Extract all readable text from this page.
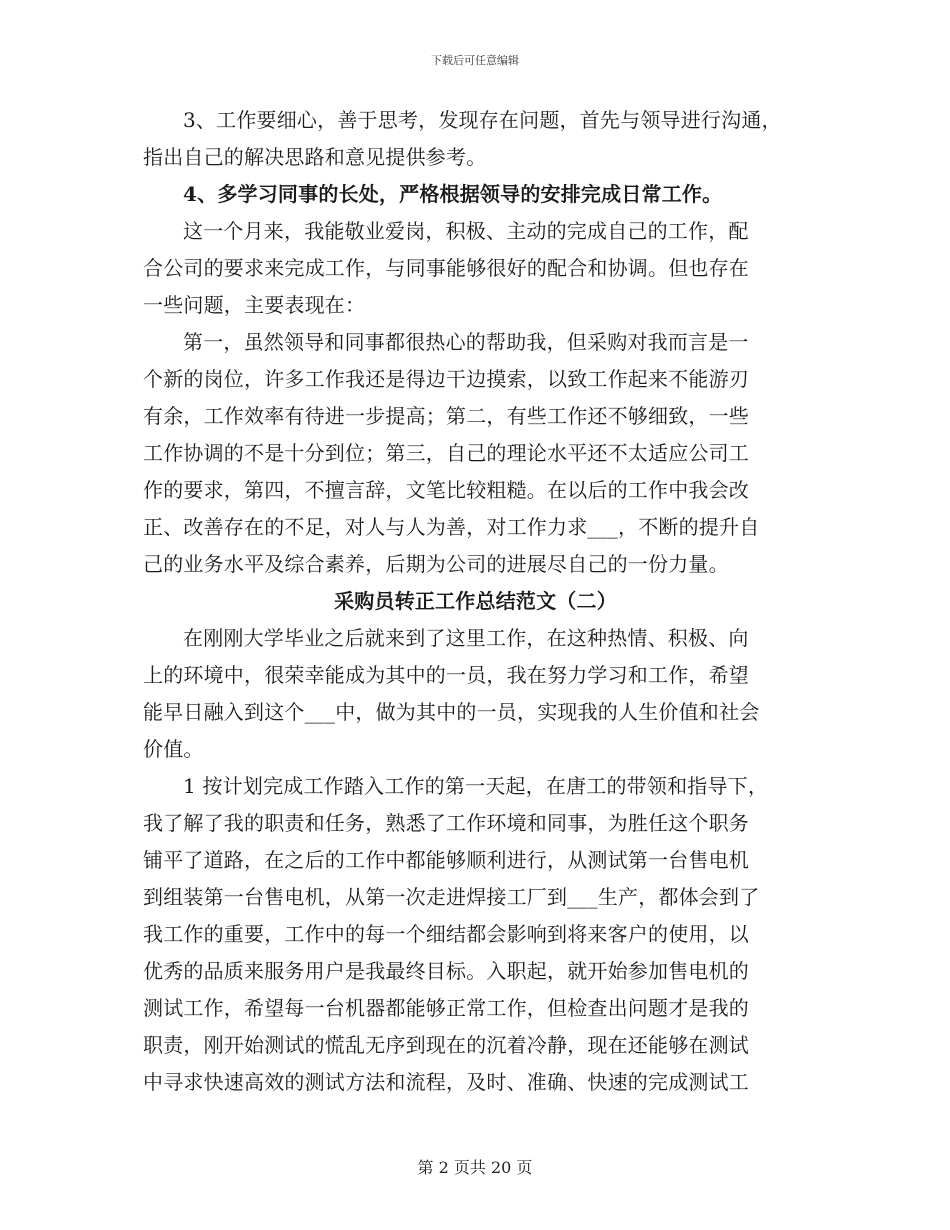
下载后可任意编辑
3、工作要细心，善于思考，发现存在问题，首先与领导进行沟通，
指出自己的解决思路和意见提供参考。
4、多学习同事的长处，严格根据领导的安排完成日常工作。
这一个月来，我能敬业爱岗，积极、主动的完成自己的工作，配
合公司的要求来完成工作，与同事能够很好的配合和协调。但也存在
一些问题，主要表现在：
第一，虽然领导和同事都很热心的帮助我，但采购对我而言是一
个新的岗位，许多工作我还是得边干边摸索，以致工作起来不能游刃
有余，工作效率有待进一步提高；第二，有些工作还不够细致，一些
工作协调的不是十分到位；第三，自己的理论水平还不太适应公司工
作的要求，第四，不擅言辞，文笔比较粗糙。在以后的工作中我会改
正、改善存在的不足，对人与人为善，对工作力求___，不断的提升自
己的业务水平及综合素养，后期为公司的进展尽自己的一份力量。
采购员转正工作总结范文（二）
在刚刚大学毕业之后就来到了这里工作，在这种热情、积极、向
上的环境中，很荣幸能成为其中的一员，我在努力学习和工作，希望
能早日融入到这个___中，做为其中的一员，实现我的人生价值和社会
价值。
1 按计划完成工作踏入工作的第一天起，在唐工的带领和指导下，
我了解了我的职责和任务，熟悉了工作环境和同事，为胜任这个职务
铺平了道路，在之后的工作中都能够顺利进行，从测试第一台售电机
到组装第一台售电机，从第一次走进焊接工厂到___生产，都体会到了
我工作的重要，工作中的每一个细结都会影响到将来客户的使用，以
优秀的品质来服务用户是我最终目标。入职起，就开始参加售电机的
测试工作，希望每一台机器都能够正常工作，但检查出问题才是我的
职责，刚开始测试的慌乱无序到现在的沉着冷静，现在还能够在测试
中寻求快速高效的测试方法和流程，及时、准确、快速的完成测试工
第 2 页共 20 页
